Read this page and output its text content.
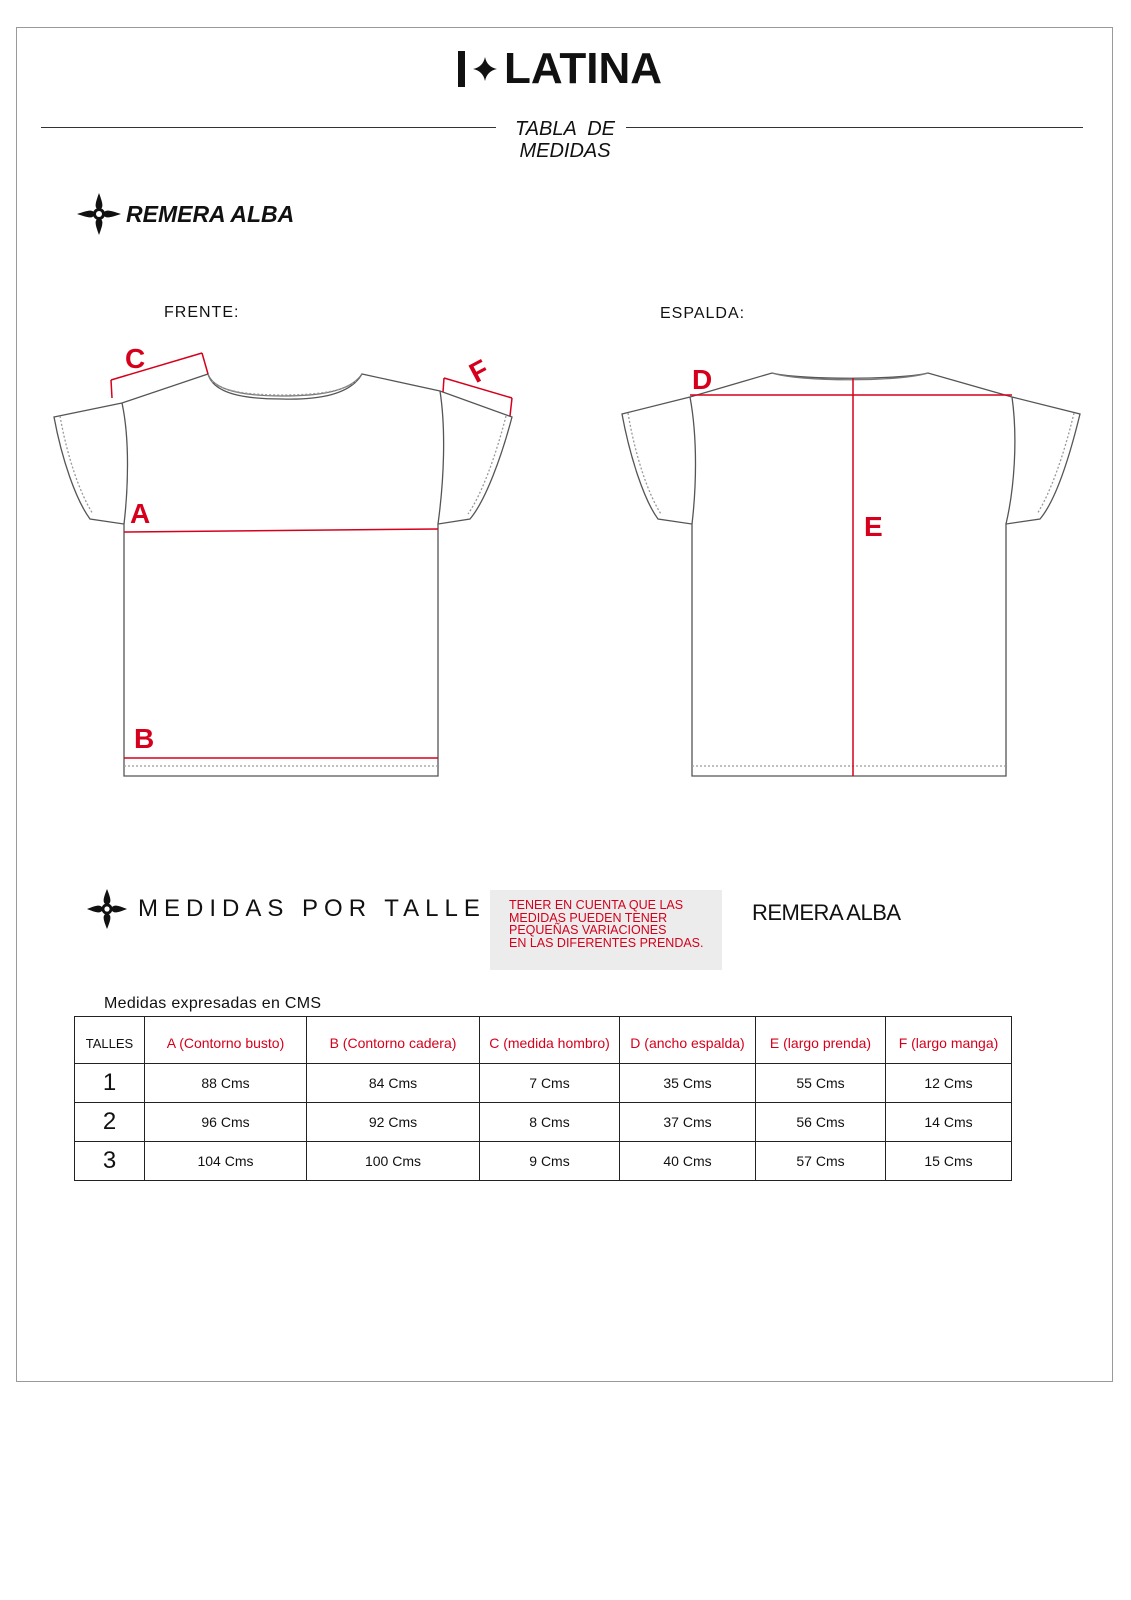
LATINA
TABLA  DE
MEDIDAS
REMERA ALBA
FRENTE:	ESPALDA:
C
A
B
F	D
E
MEDIDAS POR TALLE TENER EN CUENTA QUE LAS
MEDIDAS PUEDEN TENER
PEQUEÑAS VARIACIONES
EN LAS DIFERENTES PRENDAS.
REMERA ALBA
Medidas expresadas en CMS
TALLES	A (Contorno busto)	B (Contorno cadera)	C (medida hombro)	D (ancho espalda)	E (largo prenda)	F (largo manga)
1	88 Cms	84 Cms	7 Cms	35 Cms	55 Cms	12 Cms
2	96 Cms	92 Cms	8 Cms	37 Cms	56 Cms	14 Cms
3	104 Cms	100 Cms	9 Cms	40 Cms	57 Cms	15 Cms
